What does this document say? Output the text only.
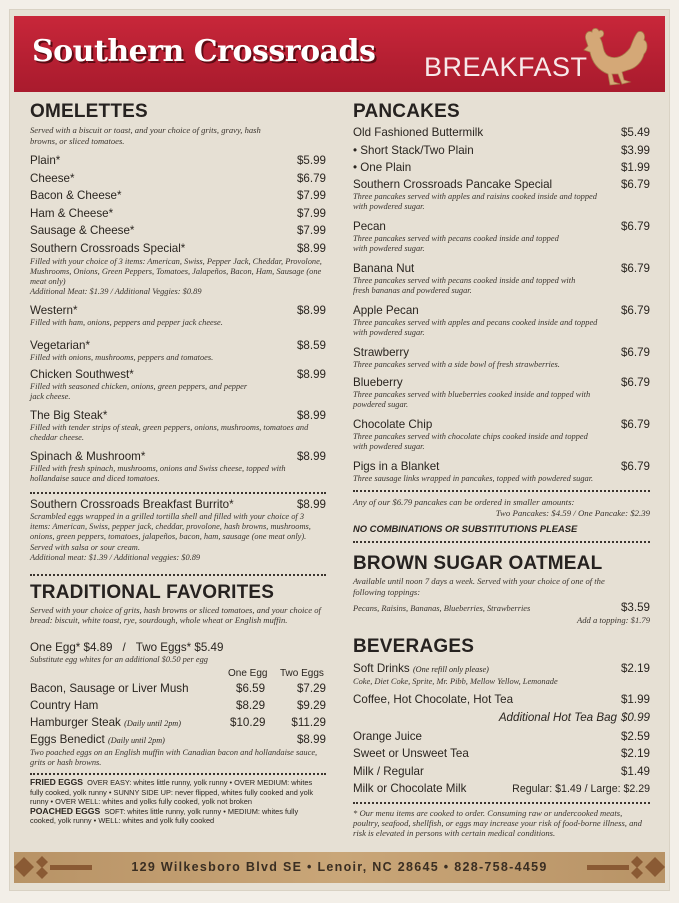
Southern Crossroads BREAKFAST
OMELETTES
Served with a biscuit or toast, and your choice of grits, gravy, hash browns, or sliced tomatoes.
Plain*	$5.99
Cheese*	$6.79
Bacon & Cheese*	$7.99
Ham & Cheese*	$7.99
Sausage & Cheese*	$7.99
Southern Crossroads Special*	$8.99
Filled with your choice of 3 items: American, Swiss, Pepper Jack, Cheddar, Provolone, Mushrooms, Onions, Green Peppers, Tomatoes, Jalapeños, Bacon, Ham, Sausage (one meat only)
Additional Meat: $1.39 / Additional Veggies: $0.89
Western*	$8.99
Filled with ham, onions, peppers and pepper jack cheese.
Vegetarian*	$8.59
Filled with onions, mushrooms, peppers and tomatoes.
Chicken Southwest*	$8.99
Filled with seasoned chicken, onions, green peppers, and pepper jack cheese.
The Big Steak*	$8.99
Filled with tender strips of steak, green peppers, onions, mushrooms, tomatoes and cheddar cheese.
Spinach & Mushroom*	$8.99
Filled with fresh spinach, mushrooms, onions and Swiss cheese, topped with hollandaise sauce and diced tomatoes.
Southern Crossroads Breakfast Burrito*	$8.99
Scrambled eggs wrapped in a grilled tortilla shell and filled with your choice of 3 items: American, Swiss, pepper jack, cheddar, provolone, hash browns, mushrooms, onions, green peppers, tomatoes, jalapeños, bacon, ham, sausage (one meat only). Served with salsa or sour cream.
Additional meat: $1.39 / Additional veggies: $0.89
TRADITIONAL FAVORITES
Served with your choice of grits, hash browns or sliced tomatoes, and your choice of bread: biscuit, white toast, rye, sourdough, whole wheat or English muffin.
One Egg* $4.89 / Two Eggs* $5.49
Substitute egg whites for an additional $0.50 per egg
One Egg Two Eggs
Bacon, Sausage or Liver Mush	$6.59	$7.29
Country Ham	$8.29	$9.29
Hamburger Steak (Daily until 2pm)	$10.29 $11.29
Eggs Benedict (Daily until 2pm)	$8.99
Two poached eggs on an English muffin with Canadian bacon and hollandaise sauce, grits or hash browns.
FRIED EGGS OVER EASY: whites little runny, yolk runny • OVER MEDIUM: whites fully cooked, yolk runny • SUNNY SIDE UP: never flipped, whites fully cooked and yolk runny • OVER WELL: whites and yolks fully cooked, yolk not broken
POACHED EGGS SOFT: whites little runny, yolk runny • MEDIUM: whites fully cooked, yolk runny • WELL: whites and yolk fully cooked
PANCAKES
Old Fashioned Buttermilk	$5.49
• Short Stack/Two Plain	$3.99
• One Plain	$1.99
Southern Crossroads Pancake Special	$6.79
Three pancakes served with apples and raisins cooked inside and topped with powdered sugar.
Pecan	$6.79
Three pancakes served with pecans cooked inside and topped with powdered sugar.
Banana Nut	$6.79
Three pancakes served with pecans cooked inside and topped with fresh bananas and powdered sugar.
Apple Pecan	$6.79
Three pancakes served with apples and pecans cooked inside and topped with powdered sugar.
Strawberry	$6.79
Three pancakes served with a side bowl of fresh strawberries.
Blueberry	$6.79
Three pancakes served with blueberries cooked inside and topped with powdered sugar.
Chocolate Chip	$6.79
Three pancakes served with chocolate chips cooked inside and topped with powdered sugar.
Pigs in a Blanket	$6.79
Three sausage links wrapped in pancakes, topped with powdered sugar.
Any of our $6.79 pancakes can be ordered in smaller amounts:
Two Pancakes: $4.59 / One Pancake: $2.39
NO COMBINATIONS OR SUBSTITUTIONS PLEASE
BROWN SUGAR OATMEAL
Available until noon 7 days a week. Served with your choice of one of the following toppings:
Pecans, Raisins, Bananas, Blueberries, Strawberries	$3.59
Add a topping: $1.79
BEVERAGES
Soft Drinks (One refill only please)	$2.19
Coke, Diet Coke, Sprite, Mr. Pibb, Mellow Yellow, Lemonade
Coffee, Hot Chocolate, Hot Tea	$1.99
Additional Hot Tea Bag $0.99
Orange Juice	$2.59
Sweet or Unsweet Tea	$2.19
Milk / Regular	$1.49
Milk or Chocolate Milk	Regular: $1.49 / Large: $2.29
* Our menu items are cooked to order. Consuming raw or undercooked meats, poultry, seafood, shellfish, or eggs may increase your risk of food-borne illness, and risk is elevated in persons with certain medical conditions.
129 Wilkesboro Blvd SE • Lenoir, NC 28645 • 828-758-4459
